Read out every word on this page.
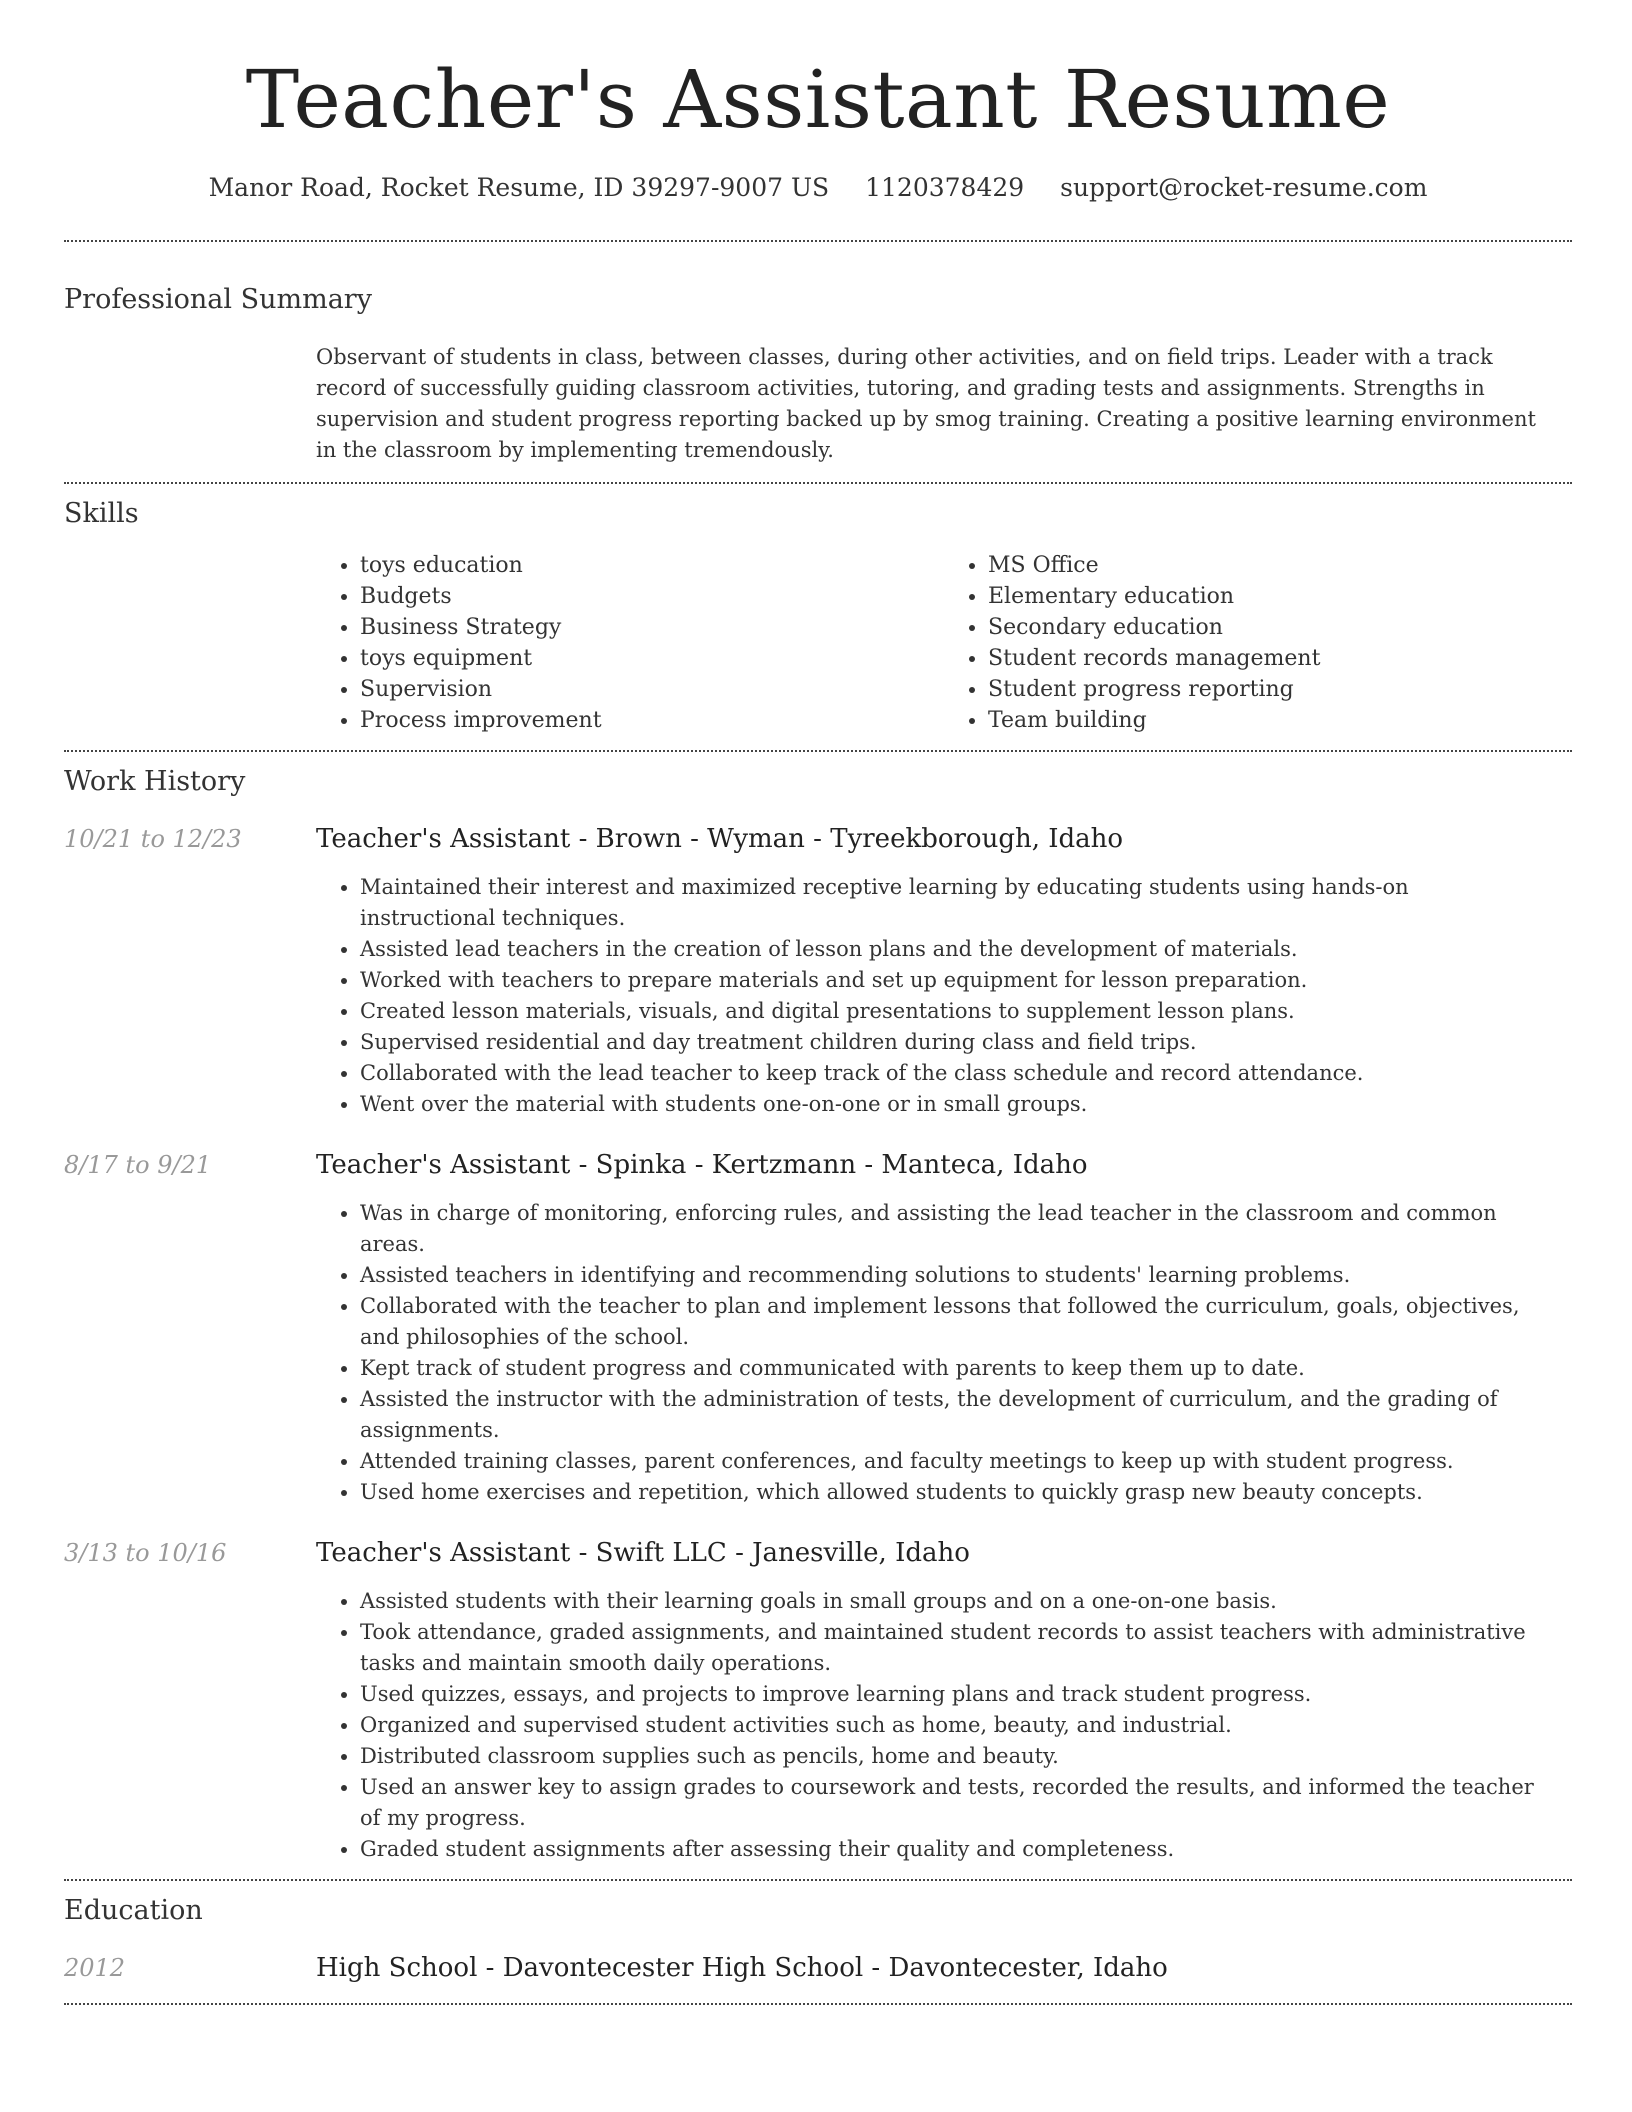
Teacher's Assistant Resume
Manor Road, Rocket Resume, ID 39297-9007 US 1120378429 support@rocket-resume.com
Professional Summary
Observant of students in class, between classes, during other activities, and on field trips. Leader with a track record of successfully guiding classroom activities, tutoring, and grading tests and assignments. Strengths in supervision and student progress reporting backed up by smog training. Creating a positive learning environment in the classroom by implementing tremendously.
Skills
• toys education
• Budgets
• Business Strategy
• toys equipment
• Supervision
• Process improvement
• MS Office
• Elementary education
• Secondary education
• Student records management
• Student progress reporting
• Team building
Work History
10/21 to 12/23	Teacher's Assistant - Brown - Wyman - Tyreekborough, Idaho
• Maintained their interest and maximized receptive learning by educating students using hands-on instructional techniques.
• Assisted lead teachers in the creation of lesson plans and the development of materials.
• Worked with teachers to prepare materials and set up equipment for lesson preparation.
• Created lesson materials, visuals, and digital presentations to supplement lesson plans.
• Supervised residential and day treatment children during class and field trips.
• Collaborated with the lead teacher to keep track of the class schedule and record attendance.
• Went over the material with students one-on-one or in small groups.
8/17 to 9/21	Teacher's Assistant - Spinka - Kertzmann - Manteca, Idaho
• Was in charge of monitoring, enforcing rules, and assisting the lead teacher in the classroom and common areas.
• Assisted teachers in identifying and recommending solutions to students' learning problems.
• Collaborated with the teacher to plan and implement lessons that followed the curriculum, goals, objectives, and philosophies of the school.
• Kept track of student progress and communicated with parents to keep them up to date.
• Assisted the instructor with the administration of tests, the development of curriculum, and the grading of assignments.
• Attended training classes, parent conferences, and faculty meetings to keep up with student progress.
• Used home exercises and repetition, which allowed students to quickly grasp new beauty concepts.
3/13 to 10/16	Teacher's Assistant - Swift LLC - Janesville, Idaho
• Assisted students with their learning goals in small groups and on a one-on-one basis.
• Took attendance, graded assignments, and maintained student records to assist teachers with administrative tasks and maintain smooth daily operations.
• Used quizzes, essays, and projects to improve learning plans and track student progress.
• Organized and supervised student activities such as home, beauty, and industrial.
• Distributed classroom supplies such as pencils, home and beauty.
• Used an answer key to assign grades to coursework and tests, recorded the results, and informed the teacher of my progress.
• Graded student assignments after assessing their quality and completeness.
Education
2012	High School - Davontecester High School - Davontecester, Idaho
